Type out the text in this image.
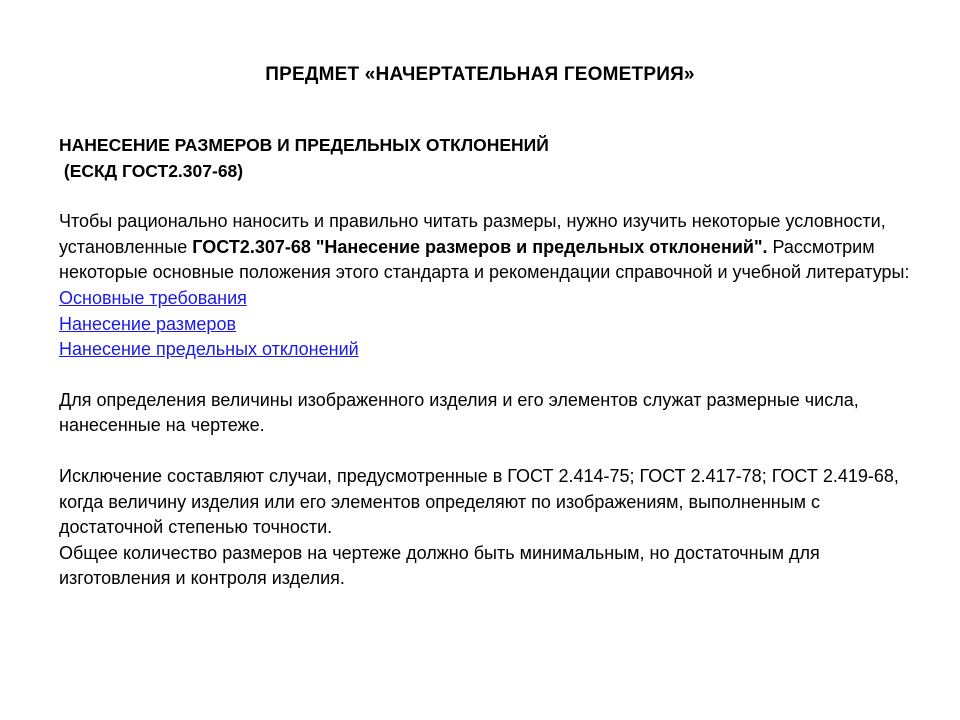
ПРЕДМЕТ «НАЧЕРТАТЕЛЬНАЯ ГЕОМЕТРИЯ»

НАНЕСЕНИЕ РАЗМЕРОВ И ПРЕДЕЛЬНЫХ ОТКЛОНЕНИЙ
(ЕСКД ГОСТ2.307-68)

Чтобы рационально наносить и правильно читать размеры, нужно изучить некоторые условности, установленные ГОСТ2.307-68 "Нанесение размеров и предельных отклонений". Рассмотрим некоторые основные положения этого стандарта и рекомендации справочной и учебной литературы:

Основные требования
Нанесение размеров
Нанесение предельных отклонений

Для определения величины изображенного изделия и его элементов служат размерные числа, нанесенные на чертеже.

Исключение составляют случаи, предусмотренные в ГОСТ 2.414-75; ГОСТ 2.417-78; ГОСТ 2.419-68, когда величину изделия или его элементов определяют по изображениям, выполненным с достаточной степенью точности.

Общее количество размеров на чертеже должно быть минимальным, но достаточным для изготовления и контроля изделия.
